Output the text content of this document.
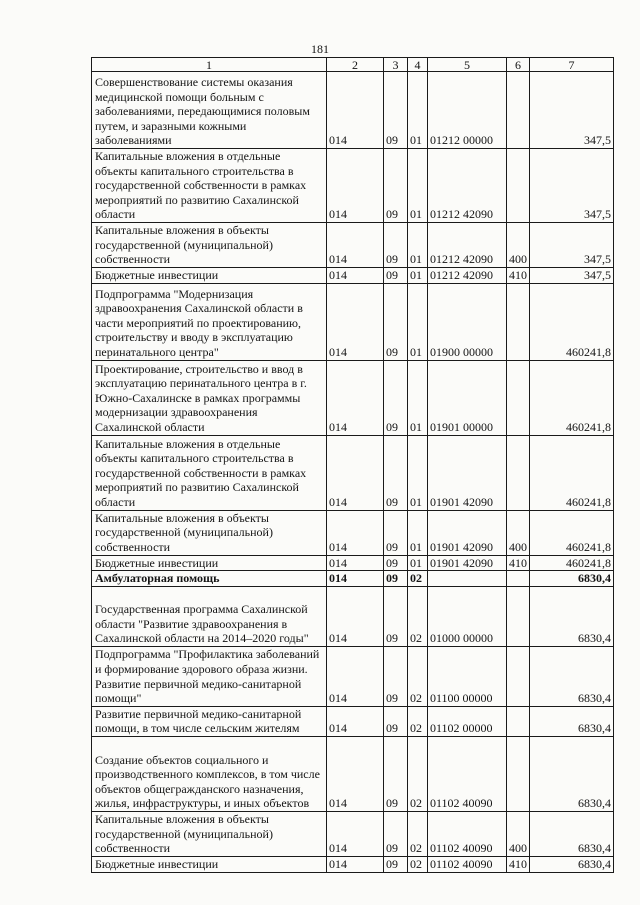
181
1	2	3	4	5	6	7
Совершенствование системы оказания медицинской помощи больным с заболеваниями, передающимися половым путем, и заразными кожными заболеваниями	014	09	01	01212 00000		347,5
Капитальные вложения в отдельные объекты капитального строительства в государственной собственности в рамках мероприятий по развитию Сахалинской области	014	09	01	01212 42090		347,5
Капитальные вложения в объекты государственной (муниципальной) собственности	014	09	01	01212 42090	400	347,5
Бюджетные инвестиции	014	09	01	01212 42090	410	347,5
Подпрограмма "Модернизация здравоохранения Сахалинской области в части мероприятий по проектированию, строительству и вводу в эксплуатацию перинатального центра"	014	09	01	01900 00000		460241,8
Проектирование, строительство и ввод в эксплуатацию перинатального центра в г. Южно-Сахалинске в рамках программы модернизации здравоохранения Сахалинской области	014	09	01	01901 00000		460241,8
Капитальные вложения в отдельные объекты капитального строительства в государственной собственности в рамках мероприятий по развитию Сахалинской области	014	09	01	01901 42090		460241,8
Капитальные вложения в объекты государственной (муниципальной) собственности	014	09	01	01901 42090	400	460241,8
Бюджетные инвестиции	014	09	01	01901 42090	410	460241,8
Амбулаторная помощь	014	09	02			6830,4
Государственная программа Сахалинской области "Развитие здравоохранения в Сахалинской области на 2014–2020 годы"	014	09	02	01000 00000		6830,4
Подпрограмма "Профилактика заболеваний и формирование здорового образа жизни. Развитие первичной медико-санитарной помощи"	014	09	02	01100 00000		6830,4
Развитие первичной медико-санитарной помощи, в том числе сельским жителям	014	09	02	01102 00000		6830,4
Создание объектов социального и производственного комплексов, в том числе объектов общегражданского назначения, жилья, инфраструктуры, и иных объектов	014	09	02	01102 40090		6830,4
Капитальные вложения в объекты государственной (муниципальной) собственности	014	09	02	01102 40090	400	6830,4
Бюджетные инвестиции	014	09	02	01102 40090	410	6830,4
